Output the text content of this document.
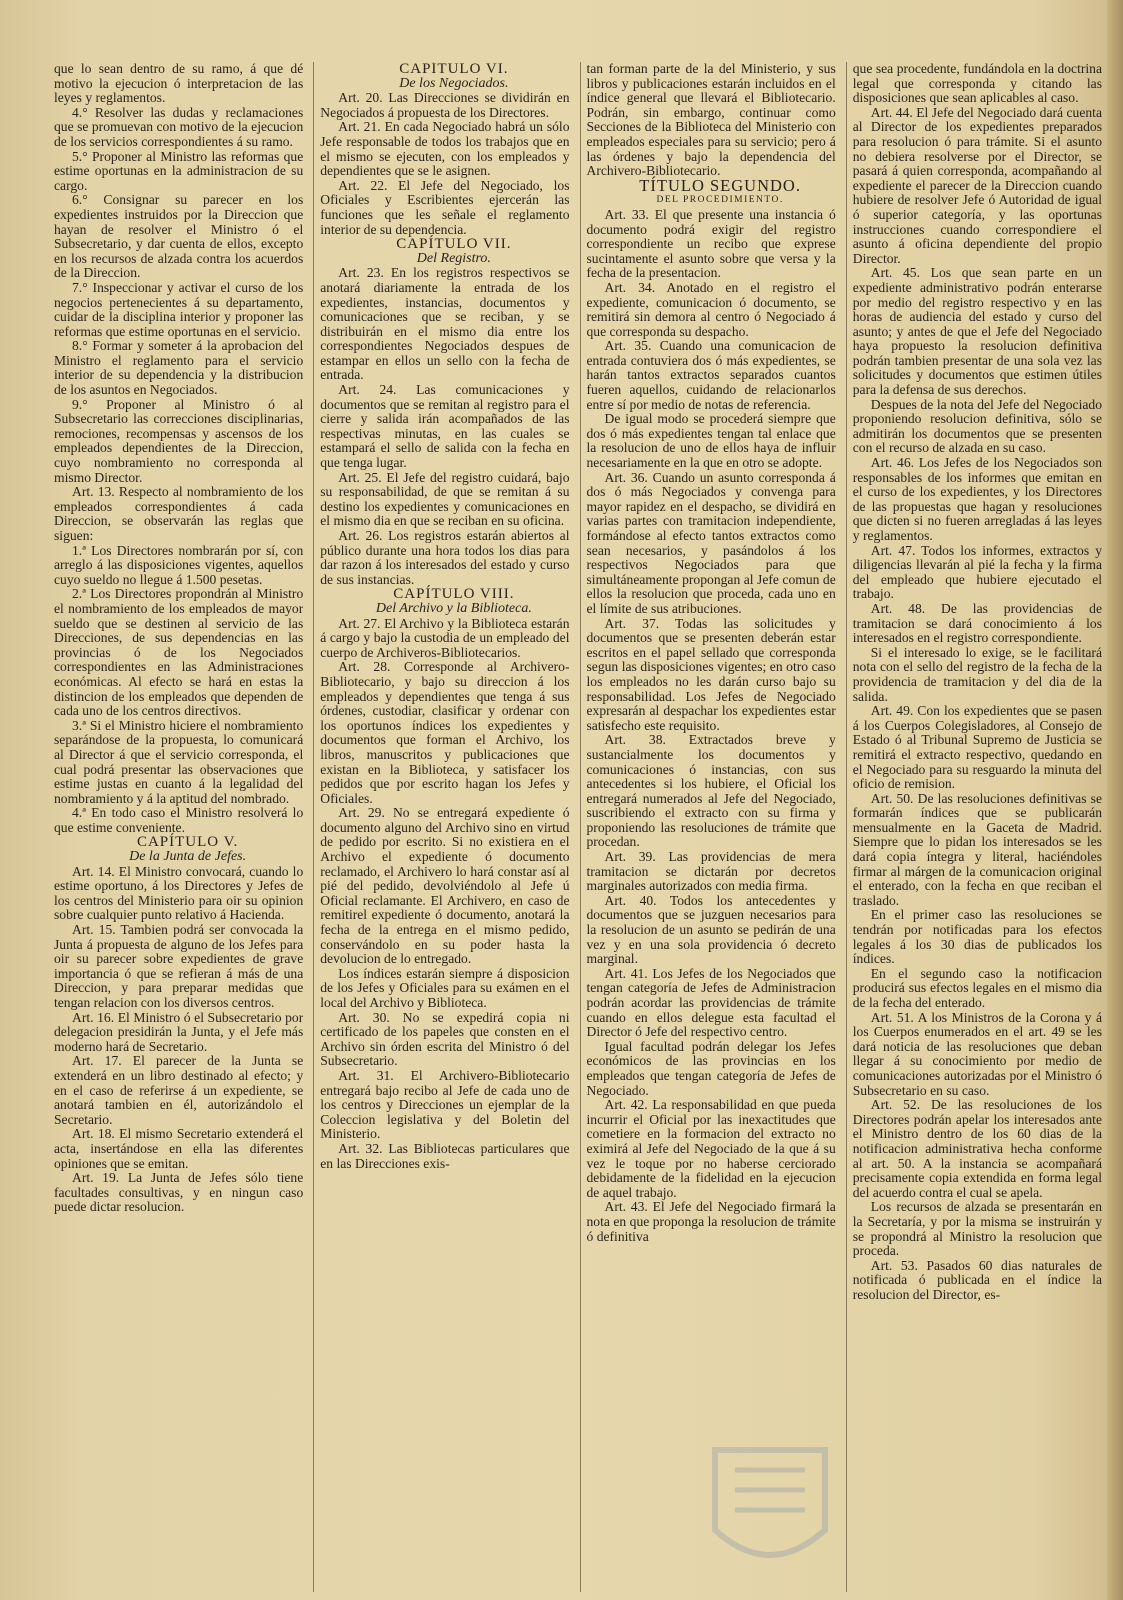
que lo sean dentro de su ramo, á que dé motivo la ejecucion ó interpretacion de las leyes y reglamentos.

4.° Resolver las dudas y reclamaciones que se promuevan con motivo de la ejecucion de los servicios correspondientes á su ramo.

5.° Proponer al Ministro las reformas que estime oportunas en la administracion de su cargo.

6.° Consignar su parecer en los expedientes instruidos por la Direccion que hayan de resolver el Ministro ó el Subsecretario, y dar cuenta de ellos, excepto en los recursos de alzada contra los acuerdos de la Direccion.

7.° Inspeccionar y activar el curso de los negocios pertenecientes á su departamento, cuidar de la disciplina interior y proponer las reformas que estime oportunas en el servicio.

8.° Formar y someter á la aprobacion del Ministro el reglamento para el servicio interior de su dependencia y la distribucion de los asuntos en Negociados.

9.° Proponer al Ministro ó al Subsecretario las correcciones disciplinarias, remociones, recompensas y ascensos de los empleados dependientes de la Direccion, cuyo nombramiento no corresponda al mismo Director.

Art. 13. Respecto al nombramiento de los empleados correspondientes á cada Direccion, se observarán las reglas que siguen:

1.ª Los Directores nombrarán por sí, con arreglo á las disposiciones vigentes, aquellos cuyo sueldo no llegue á 1.500 pesetas.

2.ª Los Directores propondrán al Ministro el nombramiento de los empleados de mayor sueldo que se destinen al servicio de las Direcciones, de sus dependencias en las provincias ó de los Negociados correspondientes en las Administraciones económicas. Al efecto se hará en estas la distincion de los empleados que dependen de cada uno de los centros directivos.

3.ª Si el Ministro hiciere el nombramiento separándose de la propuesta, lo comunicará al Director á que el servicio corresponda, el cual podrá presentar las observaciones que estime justas en cuanto á la legalidad del nombramiento y á la aptitud del nombrado.

4.ª En todo caso el Ministro resolverá lo que estime conveniente.

CAPÍTULO V.

De la Junta de Jefes.

Art. 14. El Ministro convocará, cuando lo estime oportuno, á los Directores y Jefes de los centros del Ministerio para oir su opinion sobre cualquier punto relativo á Hacienda.

Art. 15. Tambien podrá ser convocada la Junta á propuesta de alguno de los Jefes para oir su parecer sobre expedientes de grave importancia ó que se refieran á más de una Direccion, y para preparar medidas que tengan relacion con los diversos centros.

Art. 16. El Ministro ó el Subsecretario por delegacion presidirán la Junta, y el Jefe más moderno hará de Secretario.

Art. 17. El parecer de la Junta se extenderá en un libro destinado al efecto; y en el caso de referirse á un expediente, se anotará tambien en él, autorizándolo el Secretario.

Art. 18. El mismo Secretario extenderá el acta, insertándose en ella las diferentes opiniones que se emitan.

Art. 19. La Junta de Jefes sólo tiene facultades consultivas, y en ningun caso puede dictar resolucion.

CAPÍTULO VI.

De los Negociados.

Art. 20. Las Direcciones se dividirán en Negociados á propuesta de los Directores.

Art. 21. En cada Negociado habrá un sólo Jefe responsable de todos los trabajos que en el mismo se ejecuten, con los empleados y dependientes que se le asignen.

Art. 22. El Jefe del Negociado, los Oficiales y Escribientes ejercerán las funciones que les señale el reglamento interior de su dependencia.

CAPÍTULO VII.

Del Registro.

Art. 23. En los registros respectivos se anotará diariamente la entrada de los expedientes, instancias, documentos y comunicaciones que se reciban, y se distribuirán en el mismo dia entre los correspondientes Negociados despues de estampar en ellos un sello con la fecha de entrada.

Art. 24. Las comunicaciones y documentos que se remitan al registro para el cierre y salida irán acompañados de las respectivas minutas, en las cuales se estampará el sello de salida con la fecha en que tenga lugar.

Art. 25. El Jefe del registro cuidará, bajo su responsabilidad, de que se remitan á su destino los expedientes y comunicaciones en el mismo dia en que se reciban en su oficina.

Art. 26. Los registros estarán abiertos al público durante una hora todos los dias para dar razon á los interesados del estado y curso de sus instancias.

CAPÍTULO VIII.

Del Archivo y la Biblioteca.

Art. 27. El Archivo y la Biblioteca estarán á cargo y bajo la custodia de un empleado del cuerpo de Archiveros-Bibliotecarios.

Art. 28. Corresponde al Archivero-Bibliotecario, y bajo su direccion á los empleados y dependientes que tenga á sus órdenes, custodiar, clasificar y ordenar con los oportunos índices los expedientes y documentos que forman el Archivo, los libros, manuscritos y publicaciones que existan en la Biblioteca, y satisfacer los pedidos que por escrito hagan los Jefes y Oficiales.

Art. 29. No se entregará expediente ó documento alguno del Archivo sino en virtud de pedido por escrito. Si no existiera en el Archivo el expediente ó documento reclamado, el Archivero lo hará constar así al pié del pedido, devolviéndolo al Jefe ú Oficial reclamante. El Archivero, en caso de remitirel expediente ó documento, anotará la fecha de la entrega en el mismo pedido, conservándolo en su poder hasta la devolucion de lo entregado.

Los índices estarán siempre á disposicion de los Jefes y Oficiales para su exámen en el local del Archivo y Biblioteca.

Art. 30. No se expedirá copia ni certificado de los papeles que consten en el Archivo sin órden escrita del Ministro ó del Subsecretario.

Art. 31. El Archivero-Bibliotecario entregará bajo recibo al Jefe de cada uno de los centros y Direcciones un ejemplar de la Coleccion legislativa y del Boletin del Ministerio.

Art. 32. Las Bibliotecas particulares que en las Direcciones exis-

tan forman parte de la del Ministerio, y sus libros y publicaciones estarán incluidos en el índice general que llevará el Bibliotecario. Podrán, sin embargo, continuar como Secciones de la Biblioteca del Ministerio con empleados especiales para su servicio; pero á las órdenes y bajo la dependencia del Archivero-Bibliotecario.

TÍTULO SEGUNDO.

DEL PROCEDIMIENTO.

Art. 33. El que presente una instancia ó documento podrá exigir del registro correspondiente un recibo que exprese sucintamente el asunto sobre que versa y la fecha de la presentacion.

Art. 34. Anotado en el registro el expediente, comunicacion ó documento, se remitirá sin demora al centro ó Negociado á que corresponda su despacho.

Art. 35. Cuando una comunicacion de entrada contuviera dos ó más expedientes, se harán tantos extractos separados cuantos fueren aquellos, cuidando de relacionarlos entre sí por medio de notas de referencia.

De igual modo se procederá siempre que dos ó más expedientes tengan tal enlace que la resolucion de uno de ellos haya de influir necesariamente en la que en otro se adopte.

Art. 36. Cuando un asunto corresponda á dos ó más Negociados y convenga para mayor rapidez en el despacho, se dividirá en varias partes con tramitacion independiente, formándose al efecto tantos extractos como sean necesarios, y pasándolos á los respectivos Negociados para que simultáneamente propongan al Jefe comun de ellos la resolucion que proceda, cada uno en el límite de sus atribuciones.

Art. 37. Todas las solicitudes y documentos que se presenten deberán estar escritos en el papel sellado que corresponda segun las disposiciones vigentes; en otro caso los empleados no les darán curso bajo su responsabilidad. Los Jefes de Negociado expresarán al despachar los expedientes estar satisfecho este requisito.

Art. 38. Extractados breve y sustancialmente los documentos y comunicaciones ó instancias, con sus antecedentes si los hubiere, el Oficial los entregará numerados al Jefe del Negociado, suscribiendo el extracto con su firma y proponiendo las resoluciones de trámite que procedan.

Art. 39. Las providencias de mera tramitacion se dictarán por decretos marginales autorizados con media firma.

Art. 40. Todos los antecedentes y documentos que se juzguen necesarios para la resolucion de un asunto se pedirán de una vez y en una sola providencia ó decreto marginal.

Art. 41. Los Jefes de los Negociados que tengan categoría de Jefes de Administracion podrán acordar las providencias de trámite cuando en ellos delegue esta facultad el Director ó Jefe del respectivo centro.

Igual facultad podrán delegar los Jefes económicos de las provincias en los empleados que tengan categoría de Jefes de Negociado.

Art. 42. La responsabilidad en que pueda incurrir el Oficial por las inexactitudes que cometiere en la formacion del extracto no eximirá al Jefe del Negociado de la que á su vez le toque por no haberse cerciorado debidamente de la fidelidad en la ejecucion de aquel trabajo.

Art. 43. El Jefe del Negociado firmará la nota en que proponga la resolucion de trámite ó definitiva

que sea procedente, fundándola en la doctrina legal que corresponda y citando las disposiciones que sean aplicables al caso.

Art. 44. El Jefe del Negociado dará cuenta al Director de los expedientes preparados para resolucion ó para trámite. Si el asunto no debiera resolverse por el Director, se pasará á quien corresponda, acompañando al expediente el parecer de la Direccion cuando hubiere de resolver Jefe ó Autoridad de igual ó superior categoría, y las oportunas instrucciones cuando correspondiere el asunto á oficina dependiente del propio Director.

Art. 45. Los que sean parte en un expediente administrativo podrán enterarse por medio del registro respectivo y en las horas de audiencia del estado y curso del asunto; y antes de que el Jefe del Negociado haya propuesto la resolucion definitiva podrán tambien presentar de una sola vez las solicitudes y documentos que estimen útiles para la defensa de sus derechos.

Despues de la nota del Jefe del Negociado proponiendo resolucion definitiva, sólo se admitirán los documentos que se presenten con el recurso de alzada en su caso.

Art. 46. Los Jefes de los Negociados son responsables de los informes que emitan en el curso de los expedientes, y los Directores de las propuestas que hagan y resoluciones que dicten si no fueren arregladas á las leyes y reglamentos.

Art. 47. Todos los informes, extractos y diligencias llevarán al pié la fecha y la firma del empleado que hubiere ejecutado el trabajo.

Art. 48. De las providencias de tramitacion se dará conocimiento á los interesados en el registro correspondiente.

Si el interesado lo exige, se le facilitará nota con el sello del registro de la fecha de la providencia de tramitacion y del dia de la salida.

Art. 49. Con los expedientes que se pasen á los Cuerpos Colegisladores, al Consejo de Estado ó al Tribunal Supremo de Justicia se remitirá el extracto respectivo, quedando en el Negociado para su resguardo la minuta del oficio de remision.

Art. 50. De las resoluciones definitivas se formarán índices que se publicarán mensualmente en la Gaceta de Madrid. Siempre que lo pidan los interesados se les dará copia íntegra y literal, haciéndoles firmar al márgen de la comunicacion original el enterado, con la fecha en que reciban el traslado.

En el primer caso las resoluciones se tendrán por notificadas para los efectos legales á los 30 dias de publicados los índices.

En el segundo caso la notificacion producirá sus efectos legales en el mismo dia de la fecha del enterado.

Art. 51. A los Ministros de la Corona y á los Cuerpos enumerados en el art. 49 se les dará noticia de las resoluciones que deban llegar á su conocimiento por medio de comunicaciones autorizadas por el Ministro ó Subsecretario en su caso.

Art. 52. De las resoluciones de los Directores podrán apelar los interesados ante el Ministro dentro de los 60 dias de la notificacion administrativa hecha conforme al art. 50. A la instancia se acompañará precisamente copia extendida en forma legal del acuerdo contra el cual se apela.

Los recursos de alzada se presentarán en la Secretaría, y por la misma se instruirán y se propondrá al Ministro la resolucion que proceda.

Art. 53. Pasados 60 dias naturales de notificada ó publicada en el índice la resolucion del Director, es-
